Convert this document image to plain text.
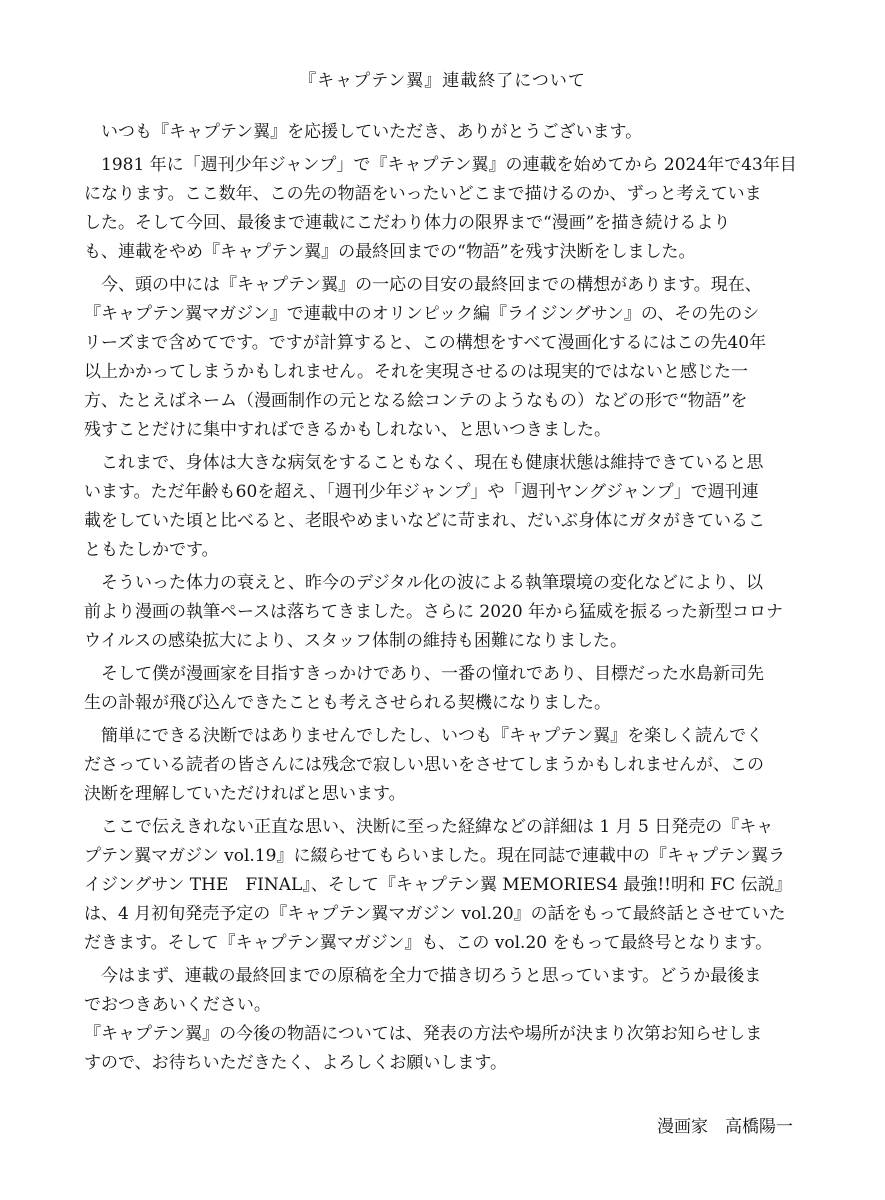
『キャプテン翼』連載終了について
いつも『キャプテン翼』を応援していただき、ありがとうございます。
1981 年に「週刊少年ジャンプ」で『キャプテン翼』の連載を始めてから 2024年で43年目
になります。ここ数年、この先の物語をいったいどこまで描けるのか、ずっと考えていま
した。そして今回、最後まで連載にこだわり体力の限界まで“漫画”を描き続けるより
も、連載をやめ『キャプテン翼』の最終回までの“物語”を残す決断をしました。
今、頭の中には『キャプテン翼』の一応の目安の最終回までの構想があります。現在、
『キャプテン翼マガジン』で連載中のオリンピック編『ライジングサン』の、その先のシ
リーズまで含めてです。ですが計算すると、この構想をすべて漫画化するにはこの先40年
以上かかってしまうかもしれません。それを実現させるのは現実的ではないと感じた一
方、たとえばネーム（漫画制作の元となる絵コンテのようなもの）などの形で“物語”を
残すことだけに集中すればできるかもしれない、と思いつきました。
これまで、身体は大きな病気をすることもなく、現在も健康状態は維持できていると思
います。ただ年齢も60を超え、「週刊少年ジャンプ」や「週刊ヤングジャンプ」で週刊連
載をしていた頃と比べると、老眼やめまいなどに苛まれ、だいぶ身体にガタがきているこ
ともたしかです。
そういった体力の衰えと、昨今のデジタル化の波による執筆環境の変化などにより、以
前より漫画の執筆ペースは落ちてきました。さらに 2020 年から猛威を振るった新型コロナ
ウイルスの感染拡大により、スタッフ体制の維持も困難になりました。
そして僕が漫画家を目指すきっかけであり、一番の憧れであり、目標だった水島新司先
生の訃報が飛び込んできたことも考えさせられる契機になりました。
簡単にできる決断ではありませんでしたし、いつも『キャプテン翼』を楽しく読んでく
ださっている読者の皆さんには残念で寂しい思いをさせてしまうかもしれませんが、この
決断を理解していただければと思います。
ここで伝えきれない正直な思い、決断に至った経緯などの詳細は 1 月 5 日発売の『キャ
プテン翼マガジン vol.19』に綴らせてもらいました。現在同誌で連載中の『キャプテン翼ラ
イジングサン THE　FINAL』、そして『キャプテン翼 MEMORIES4 最強!!明和 FC 伝説』
は、4 月初旬発売予定の『キャプテン翼マガジン vol.20』の話をもって最終話とさせていた
だきます。そして『キャプテン翼マガジン』も、この vol.20 をもって最終号となります。
今はまず、連載の最終回までの原稿を全力で描き切ろうと思っています。どうか最後ま
でおつきあいください。
『キャプテン翼』の今後の物語については、発表の方法や場所が決まり次第お知らせしま
すので、お待ちいただきたく、よろしくお願いします。
漫画家　高橋陽一
